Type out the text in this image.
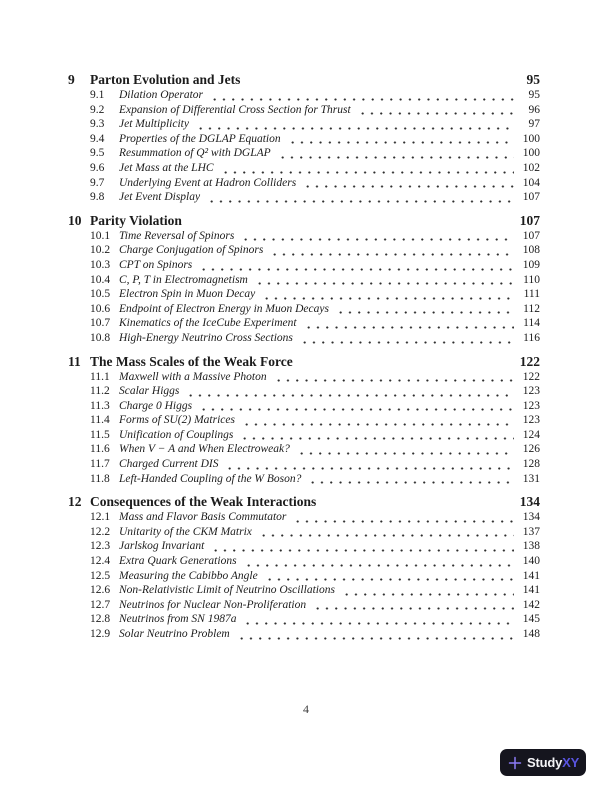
9	Parton Evolution and Jets	95
9.1	Dilation Operator	95
9.2	Expansion of Differential Cross Section for Thrust	96
9.3	Jet Multiplicity	97
9.4	Properties of the DGLAP Equation	100
9.5	Resummation of Q² with DGLAP	100
9.6	Jet Mass at the LHC	102
9.7	Underlying Event at Hadron Colliders	104
9.8	Jet Event Display	107
10 Parity Violation	107
10.1 Time Reversal of Spinors	107
10.2 Charge Conjugation of Spinors	108
10.3 CPT on Spinors	109
10.4 C, P, T in Electromagnetism	110
10.5 Electron Spin in Muon Decay	111
10.6 Endpoint of Electron Energy in Muon Decays	112
10.7 Kinematics of the IceCube Experiment	114
10.8 High-Energy Neutrino Cross Sections	116
11 The Mass Scales of the Weak Force	122
11.1 Maxwell with a Massive Photon	122
11.2 Scalar Higgs	123
11.3 Charge 0 Higgs	123
11.4 Forms of SU(2) Matrices	123
11.5 Unification of Couplings	124
11.6 When V − A and When Electroweak?	126
11.7 Charged Current DIS	128
11.8 Left-Handed Coupling of the W Boson?	131
12 Consequences of the Weak Interactions	134
12.1 Mass and Flavor Basis Commutator	134
12.2 Unitarity of the CKM Matrix	137
12.3 Jarlskog Invariant	138
12.4 Extra Quark Generations	140
12.5 Measuring the Cabibbo Angle	141
12.6 Non-Relativistic Limit of Neutrino Oscillations	141
12.7 Neutrinos for Nuclear Non-Proliferation	142
12.8 Neutrinos from SN 1987a	145
12.9 Solar Neutrino Problem	148
4
StudyXY
